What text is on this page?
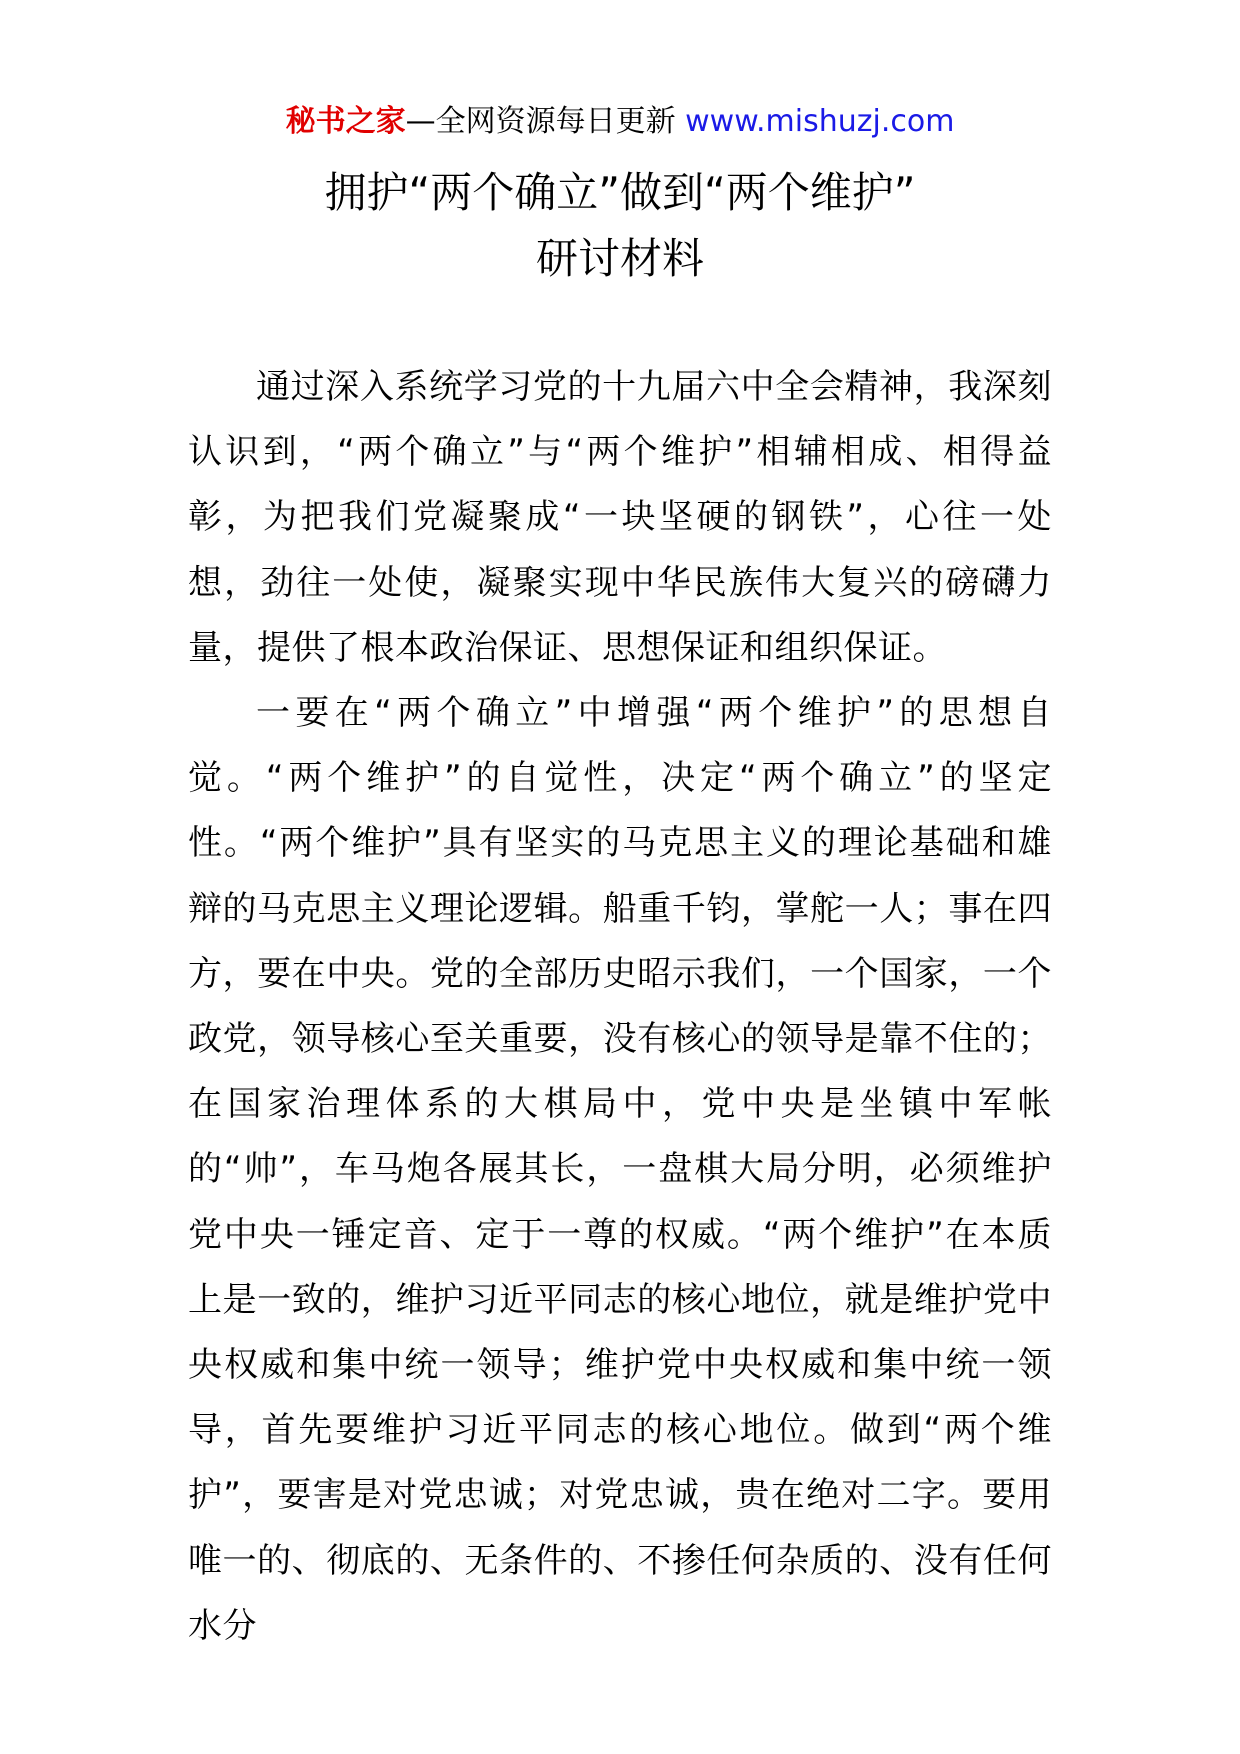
秘书之家—全网资源每日更新 www.mishuzj.com
拥护“两个确立”做到“两个维护”
研讨材料

通过深入系统学习党的十九届六中全会精神，我深刻认识到，“两个确立”与“两个维护”相辅相成、相得益彰，为把我们党凝聚成“一块坚硬的钢铁”，心往一处想，劲往一处使，凝聚实现中华民族伟大复兴的磅礴力量，提供了根本政治保证、思想保证和组织保证。

一要在“两个确立”中增强“两个维护”的思想自觉。“两个维护”的自觉性，决定“两个确立”的坚定性。“两个维护”具有坚实的马克思主义的理论基础和雄辩的马克思主义理论逻辑。船重千钧，掌舵一人；事在四方，要在中央。党的全部历史昭示我们，一个国家，一个政党，领导核心至关重要，没有核心的领导是靠不住的；在国家治理体系的大棋局中，党中央是坐镇中军帐的“帅”，车马炮各展其长，一盘棋大局分明，必须维护党中央一锤定音、定于一尊的权威。“两个维护”在本质上是一致的，维护习近平同志的核心地位，就是维护党中央权威和集中统一领导；维护党中央权威和集中统一领导，首先要维护习近平同志的核心地位。做到“两个维护”，要害是对党忠诚；对党忠诚，贵在绝对二字。要用唯一的、彻底的、无条件的、不掺任何杂质的、没有任何水分
